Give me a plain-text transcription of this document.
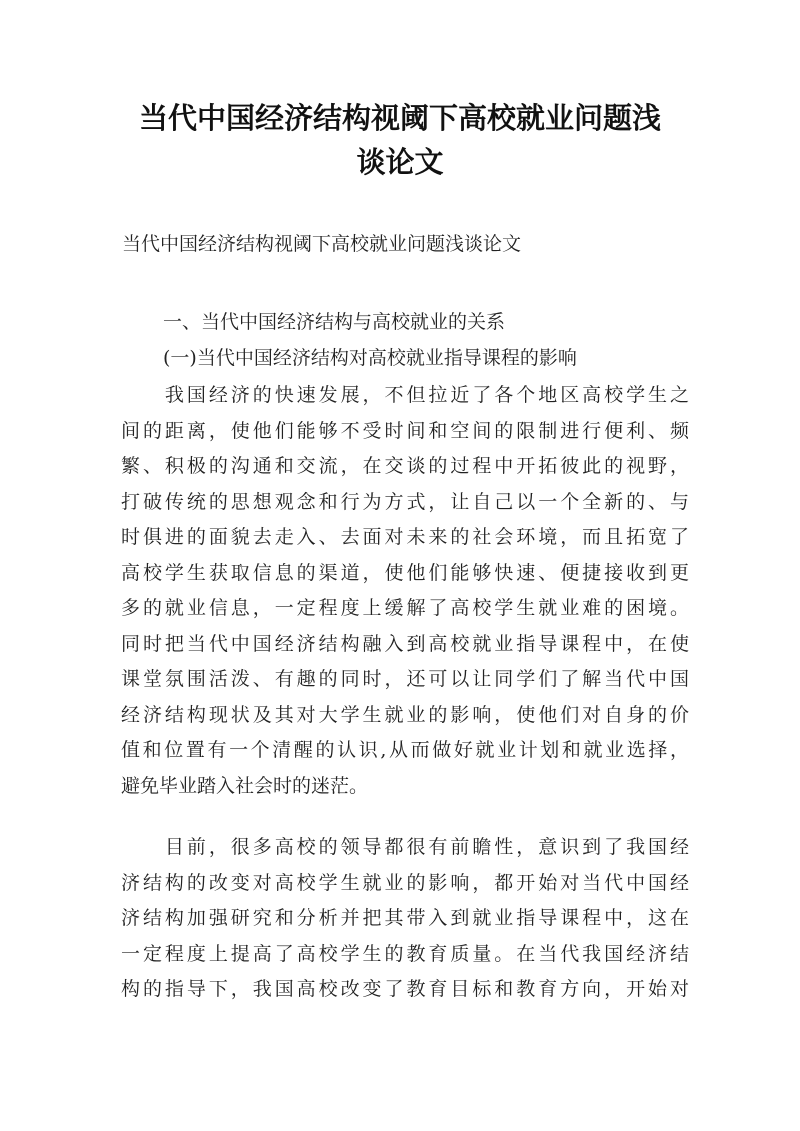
当代中国经济结构视阈下高校就业问题浅
谈论文
当代中国经济结构视阈下高校就业问题浅谈论文
一、当代中国经济结构与高校就业的关系
(一)当代中国经济结构对高校就业指导课程的影响
　　我国经济的快速发展，不但拉近了各个地区高校学生之
间的距离，使他们能够不受时间和空间的限制进行便利、频
繁、积极的沟通和交流，在交谈的过程中开拓彼此的视野，
打破传统的思想观念和行为方式，让自己以一个全新的、与
时俱进的面貌去走入、去面对未来的社会环境，而且拓宽了
高校学生获取信息的渠道，使他们能够快速、便捷接收到更
多的就业信息，一定程度上缓解了高校学生就业难的困境。
同时把当代中国经济结构融入到高校就业指导课程中，在使
课堂氛围活泼、有趣的同时，还可以让同学们了解当代中国
经济结构现状及其对大学生就业的影响，使他们对自身的价
值和位置有一个清醒的认识,从而做好就业计划和就业选择，
避免毕业踏入社会时的迷茫。
　　目前，很多高校的领导都很有前瞻性，意识到了我国经
济结构的改变对高校学生就业的影响，都开始对当代中国经
济结构加强研究和分析并把其带入到就业指导课程中，这在
一定程度上提高了高校学生的教育质量。在当代我国经济结
构的指导下，我国高校改变了教育目标和教育方向，开始对
